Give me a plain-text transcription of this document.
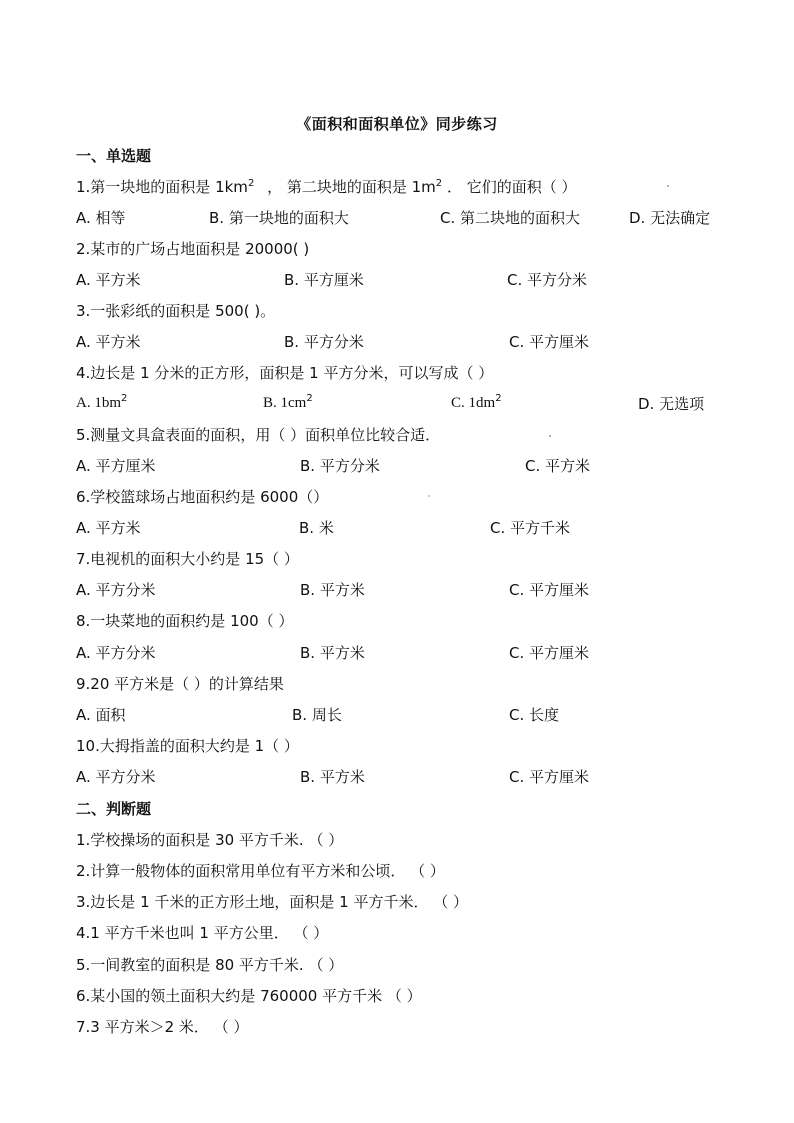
《面积和面积单位》同步练习
一、单选题
1.第一块地的面积是 $1km^2$ ， 第二块地的面积是 $1m^2$ ． 它们的面积（ ）
A. 相等	B. 第一块地的面积大	C. 第二块地的面积大	D. 无法确定
2.某市的广场占地面积是 20000( )
A. 平方米	B. 平方厘米	C. 平方分米
3.一张彩纸的面积是 500( )。
A. 平方米	B. 平方分米	C. 平方厘米
4.边长是 1 分米的正方形，面积是 1 平方分米，可以写成（ ）
A. $1bm^2$	B. $1cm^2$	C. $1dm^2$	D. 无选项
5.测量文具盒表面的面积，用（ ）面积单位比较合适．
A. 平方厘米	B. 平方分米	C. 平方米
6.学校篮球场占地面积约是 6000（）
A. 平方米	B. 米	C. 平方千米
7.电视机的面积大小约是 15（ ）
A. 平方分米	B. 平方米	C. 平方厘米
8.一块菜地的面积约是 100（ ）
A. 平方分米	B. 平方米	C. 平方厘米
9.20 平方米是（ ）的计算结果
A. 面积	B. 周长	C. 长度
10.大拇指盖的面积大约是 1（ ）
A. 平方分米	B. 平方米	C. 平方厘米
二、判断题
1.学校操场的面积是 30 平方千米. （ ）
2.计算一般物体的面积常用单位有平方米和公顷． （ ）
3.边长是 1 千米的正方形土地，面积是 1 平方千米． （ ）
4.1 平方千米也叫 1 平方公里． （ ）
5.一间教室的面积是 80 平方千米. （ ）
6.某小国的领土面积大约是 760000 平方千米 （ ）
7.3 平方米＞2 米． （ ）
